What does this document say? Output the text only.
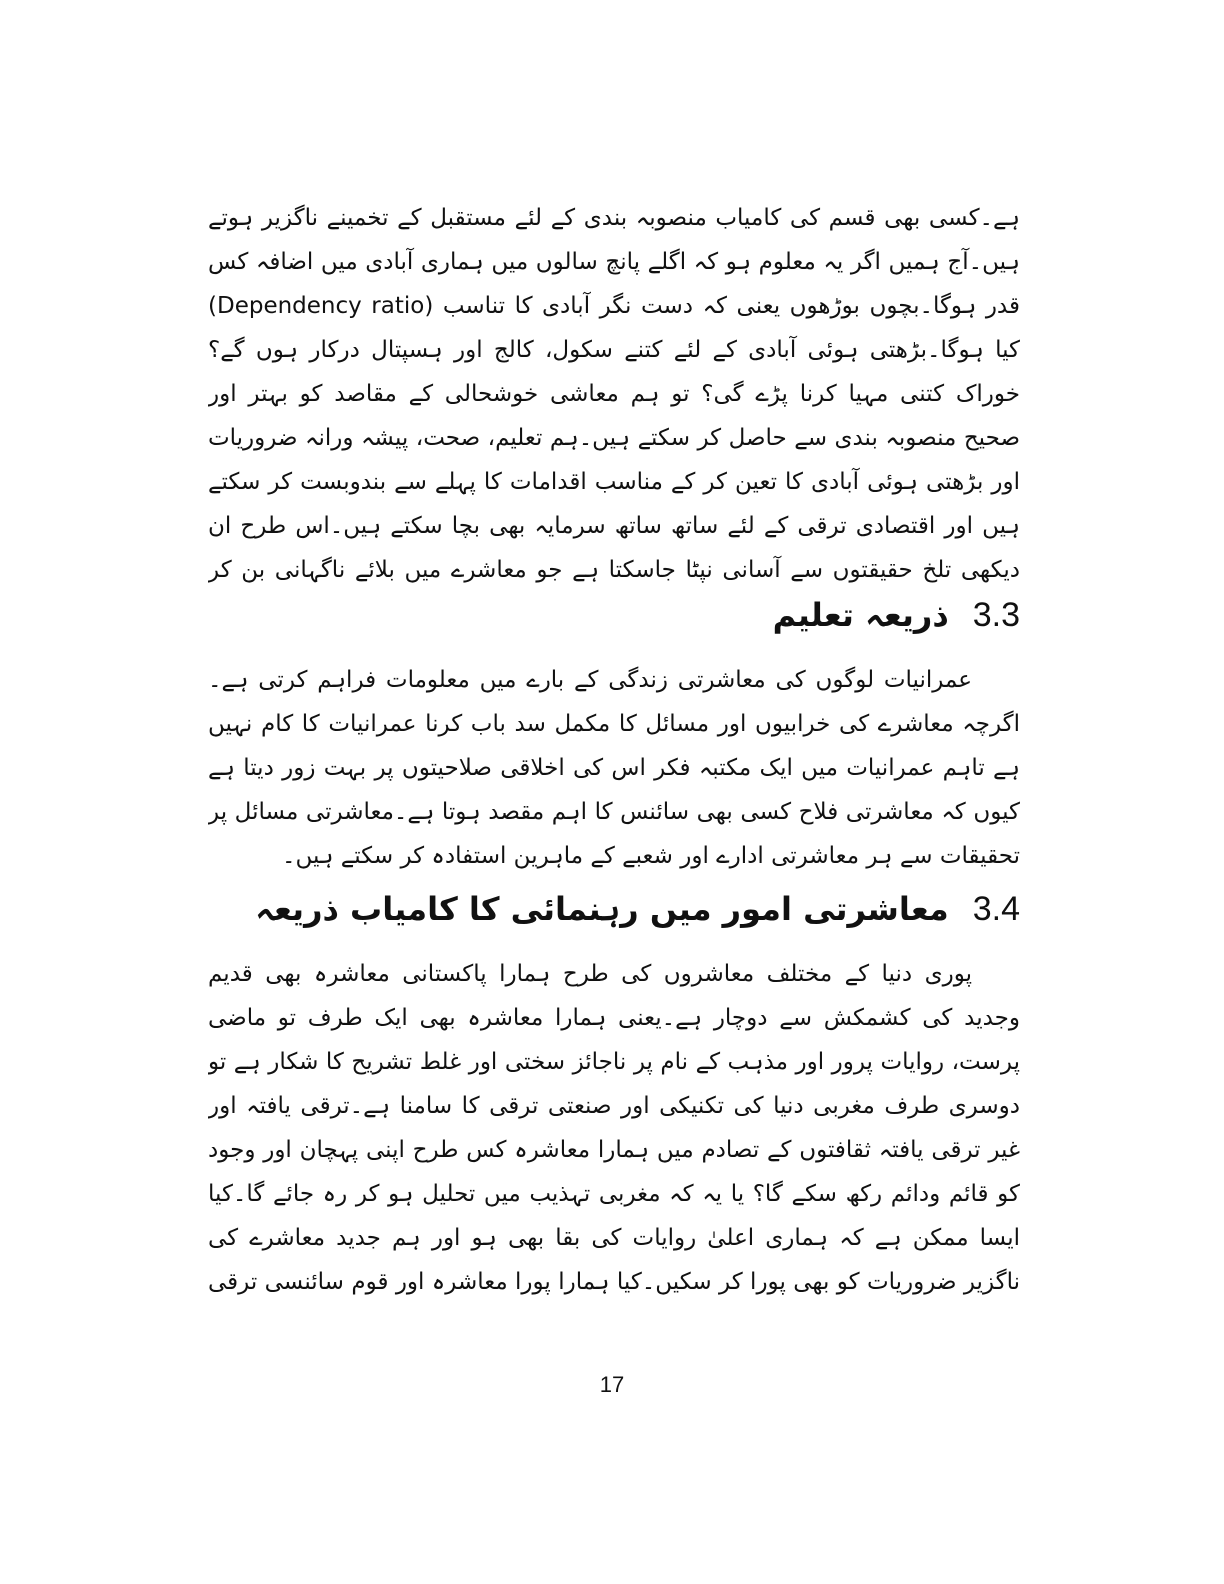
ہے۔کسی بھی قسم کی کامیاب منصوبہ بندی کے لئے مستقبل کے تخمینے ناگزیر ہوتے ہیں۔آج ہمیں اگر یہ معلوم ہو کہ اگلے پانچ سالوں میں ہماری آبادی میں اضافہ کس قدر ہوگا۔بچوں بوڑھوں یعنی کہ دست نگر آبادی کا تناسب (Dependency ratio) کیا ہوگا۔بڑھتی ہوئی آبادی کے لئے کتنے سکول، کالج اور ہسپتال درکار ہوں گے؟ خوراک کتنی مہیا کرنا پڑے گی؟ تو ہم معاشی خوشحالی کے مقاصد کو بہتر اور صحیح منصوبہ بندی سے حاصل کر سکتے ہیں۔ہم تعلیم، صحت، پیشہ ورانہ ضروریات اور بڑھتی ہوئی آبادی کا تعین کر کے مناسب اقدامات کا پہلے سے بندوبست کر سکتے ہیں اور اقتصادی ترقی کے لئے ساتھ ساتھ سرمایہ بھی بچا سکتے ہیں۔اس طرح ان دیکھی تلخ حقیقتوں سے آسانی نپٹا جاسکتا ہے جو معاشرے میں بلائے ناگہانی بن کر

3.3
ذریعہ تعلیم

عمرانیات لوگوں کی معاشرتی زندگی کے بارے میں معلومات فراہم کرتی ہے۔اگرچہ معاشرے کی خرابیوں اور مسائل کا مکمل سد باب کرنا عمرانیات کا کام نہیں ہے تاہم عمرانیات میں ایک مکتبہ فکر اس کی اخلاقی صلاحیتوں پر بہت زور دیتا ہے کیوں کہ معاشرتی فلاح کسی بھی سائنس کا اہم مقصد ہوتا ہے۔معاشرتی مسائل پر تحقیقات سے ہر معاشرتی ادارے اور شعبے کے ماہرین استفادہ کر سکتے ہیں۔

3.4
معاشرتی امور میں رہنمائی کا کامیاب ذریعہ

پوری دنیا کے مختلف معاشروں کی طرح ہمارا پاکستانی معاشرہ بھی قدیم وجدید کی کشمکش سے دوچار ہے۔یعنی ہمارا معاشرہ بھی ایک طرف تو ماضی پرست، روایات پرور اور مذہب کے نام پر ناجائز سختی اور غلط تشریح کا شکار ہے تو دوسری طرف مغربی دنیا کی تکنیکی اور صنعتی ترقی کا سامنا ہے۔ترقی یافتہ اور غیر ترقی یافتہ ثقافتوں کے تصادم میں ہمارا معاشرہ کس طرح اپنی پہچان اور وجود کو قائم ودائم رکھ سکے گا؟ یا یہ کہ مغربی تہذیب میں تحلیل ہو کر رہ جائے گا۔کیا ایسا ممکن ہے کہ ہماری اعلیٰ روایات کی بقا بھی ہو اور ہم جدید معاشرے کی ناگزیر ضروریات کو بھی پورا کر سکیں۔کیا ہمارا پورا معاشرہ اور قوم سائنسی ترقی

17
